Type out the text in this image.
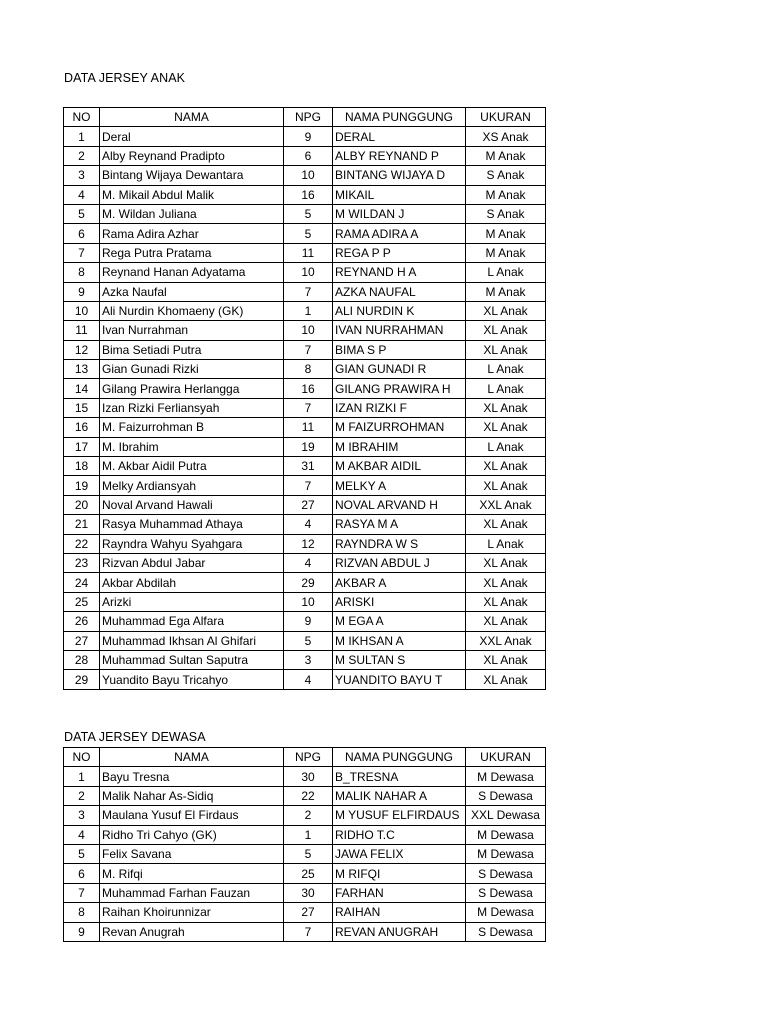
DATA JERSEY ANAK
NO	NAMA	NPG	NAMA PUNGGUNG	UKURAN
1	Deral	9	DERAL	XS Anak
2	Alby Reynand Pradipto	6	ALBY REYNAND P	M Anak
3	Bintang Wijaya Dewantara	10	BINTANG WIJAYA D	S Anak
4	M. Mikail Abdul Malik	16	MIKAIL	M Anak
5	M. Wildan Juliana	5	M WILDAN J	S Anak
6	Rama Adira Azhar	5	RAMA ADIRA A	M Anak
7	Rega Putra Pratama	11	REGA P P	M Anak
8	Reynand Hanan Adyatama	10	REYNAND H A	L Anak
9	Azka Naufal	7	AZKA NAUFAL	M Anak
10	Ali Nurdin Khomaeny (GK)	1	ALI NURDIN K	XL Anak
11	Ivan Nurrahman	10	IVAN NURRAHMAN	XL Anak
12	Bima Setiadi Putra	7	BIMA S P	XL Anak
13	Gian Gunadi Rizki	8	GIAN GUNADI R	L Anak
14	Gilang Prawira Herlangga	16	GILANG PRAWIRA H	L Anak
15	Izan Rizki Ferliansyah	7	IZAN RIZKI F	XL Anak
16	M. Faizurrohman B	11	M FAIZURROHMAN	XL Anak
17	M. Ibrahim	19	M IBRAHIM	L Anak
18	M. Akbar Aidil Putra	31	M AKBAR AIDIL	XL Anak
19	Melky Ardiansyah	7	MELKY A	XL Anak
20	Noval Arvand Hawali	27	NOVAL ARVAND H	XXL Anak
21	Rasya Muhammad Athaya	4	RASYA M A	XL Anak
22	Rayndra Wahyu Syahgara	12	RAYNDRA W S	L Anak
23	Rizvan Abdul Jabar	4	RIZVAN ABDUL J	XL Anak
24	Akbar Abdilah	29	AKBAR A	XL Anak
25	Arizki	10	ARISKI	XL Anak
26	Muhammad Ega Alfara	9	M EGA A	XL Anak
27	Muhammad Ikhsan Al Ghifari	5	M IKHSAN A	XXL Anak
28	Muhammad Sultan Saputra	3	M SULTAN S	XL Anak
29	Yuandito Bayu Tricahyo	4	YUANDITO BAYU T	XL Anak
DATA JERSEY DEWASA
NO	NAMA	NPG	NAMA PUNGGUNG	UKURAN
1	Bayu Tresna	30	B_TRESNA	M Dewasa
2	Malik Nahar As-Sidiq	22	MALIK NAHAR A	S Dewasa
3	Maulana Yusuf El Firdaus	2	M YUSUF ELFIRDAUS	XXL Dewasa
4	Ridho Tri Cahyo (GK)	1	RIDHO T.C	M Dewasa
5	Felix Savana	5	JAWA FELIX	M Dewasa
6	M. Rifqi	25	M RIFQI	S Dewasa
7	Muhammad Farhan Fauzan	30	FARHAN	S Dewasa
8	Raihan Khoirunnizar	27	RAIHAN	M Dewasa
9	Revan Anugrah	7	REVAN ANUGRAH	S Dewasa
